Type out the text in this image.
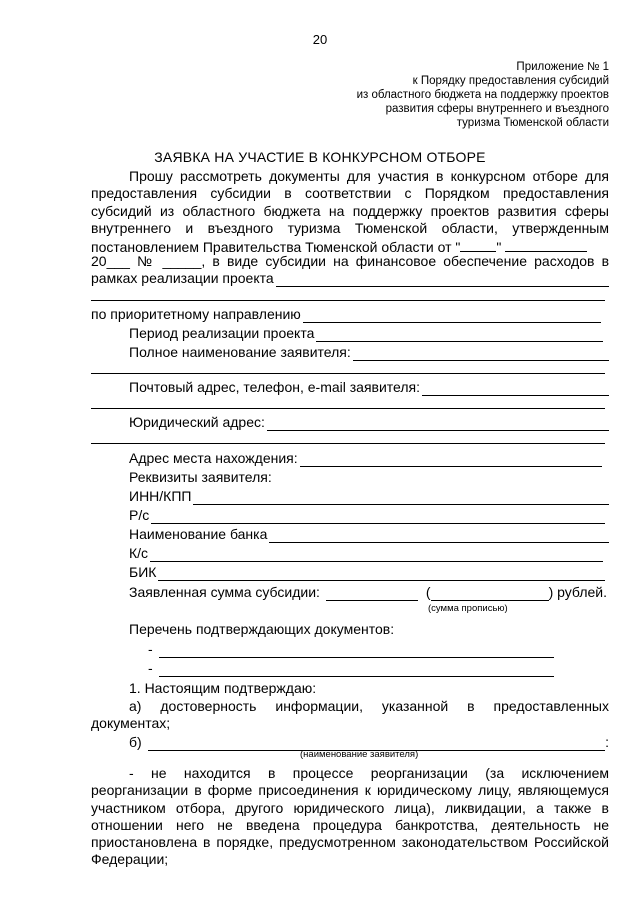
20
Приложение № 1
к Порядку предоставления субсидий
из областного бюджета на поддержку проектов
развития сферы внутреннего и въездного
туризма Тюменской области
ЗАЯВКА НА УЧАСТИЕ В КОНКУРСНОМ ОТБОРЕ
Прошу рассмотреть документы для участия в конкурсном отборе для предоставления субсидии в соответствии с Порядком предоставления субсидий из областного бюджета на поддержку проектов развития сферы внутреннего и въездного туризма Тюменской области, утвержденным постановлением Правительства Тюменской области от "	"
20___ № _____, в виде субсидии на финансовое обеспечение расходов в
рамках реализации проекта
по приоритетному направлению
Период реализации проекта
Полное наименование заявителя:
Почтовый адрес, телефон, e-mail заявителя:
Юридический адрес:
Адрес места нахождения:
Реквизиты заявителя:
ИНН/КПП
Р/с
Наименование банка
К/с
БИК
Заявленная сумма субсидии:	(	) рублей.
(сумма прописью)
Перечень подтверждающих документов:
-
-
1. Настоящим подтверждаю:
а) достоверность информации, указанной в предоставленных документах;
б)	:
(наименование заявителя)
- не находится в процессе реорганизации (за исключением реорганизации в форме присоединения к юридическому лицу, являющемуся участником отбора, другого юридического лица), ликвидации, а также в отношении него не введена процедура банкротства, деятельность не приостановлена в порядке, предусмотренном законодательством Российской Федерации;
